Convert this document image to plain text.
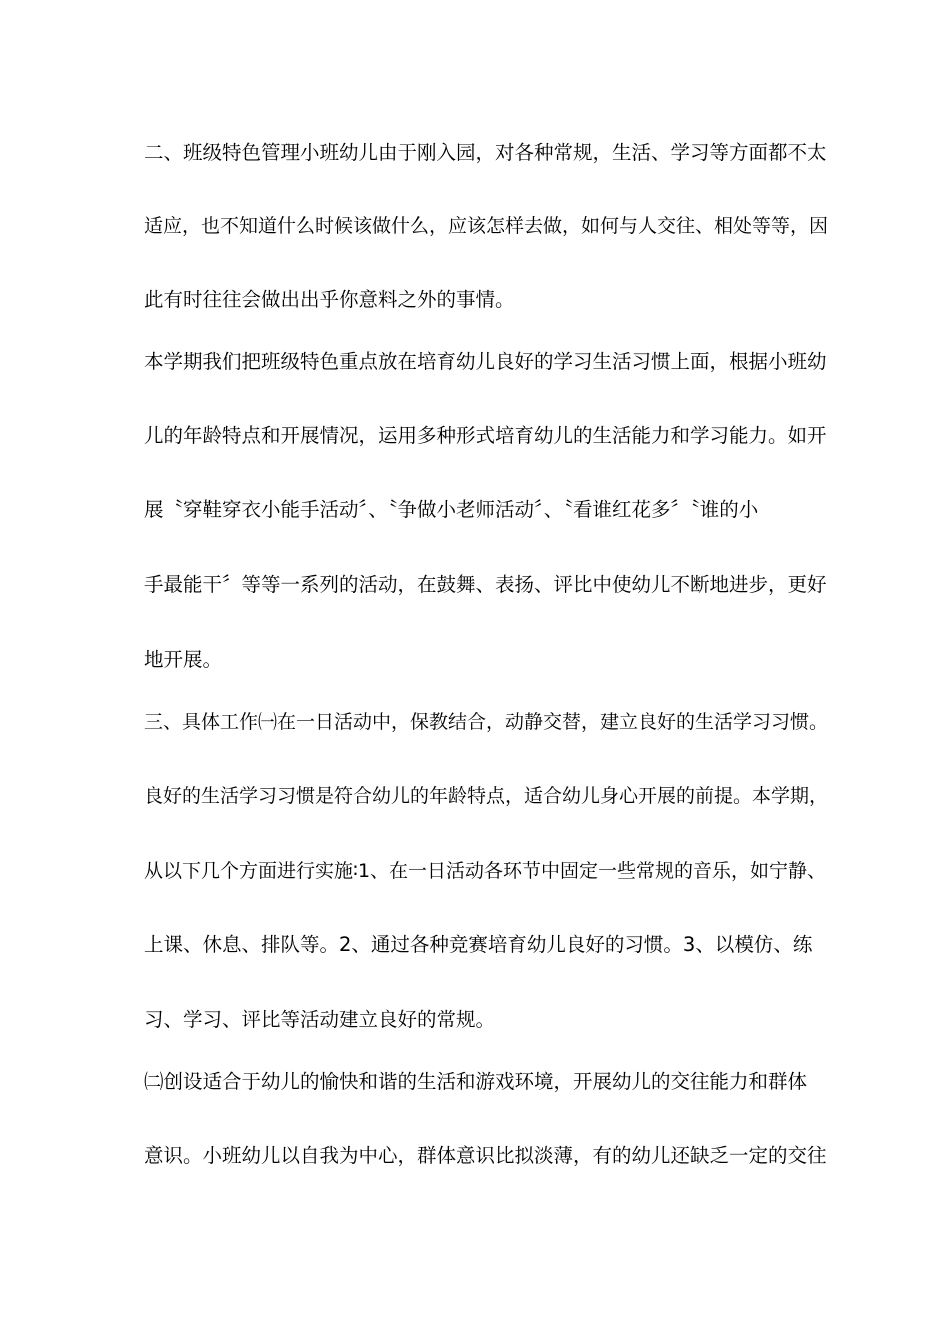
二、班级特色管理小班幼儿由于刚入园，对各种常规，生活、学习等方面都不太
适应，也不知道什么时候该做什么，应该怎样去做，如何与人交往、相处等等，因
此有时往往会做出出乎你意料之外的事情。
本学期我们把班级特色重点放在培育幼儿良好的学习生活习惯上面，根据小班幼
儿的年龄特点和开展情况，运用多种形式培育幼儿的生活能力和学习能力。如开
展〝穿鞋穿衣小能手活动〞、〝争做小老师活动〞、〝看谁红花多〞〝谁的小
手最能干〞等等一系列的活动，在鼓舞、表扬、评比中使幼儿不断地进步，更好
地开展。
三、具体工作㈠在一日活动中，保教结合，动静交替，建立良好的生活学习习惯。
良好的生活学习习惯是符合幼儿的年龄特点，适合幼儿身心开展的前提。本学期，
从以下几个方面进行实施∶1、在一日活动各环节中固定一些常规的音乐，如宁静、
上课、休息、排队等。2、通过各种竞赛培育幼儿良好的习惯。3、以模仿、练
习、学习、评比等活动建立良好的常规。
㈡创设适合于幼儿的愉快和谐的生活和游戏环境，开展幼儿的交往能力和群体
意识。小班幼儿以自我为中心，群体意识比拟淡薄，有的幼儿还缺乏一定的交往
